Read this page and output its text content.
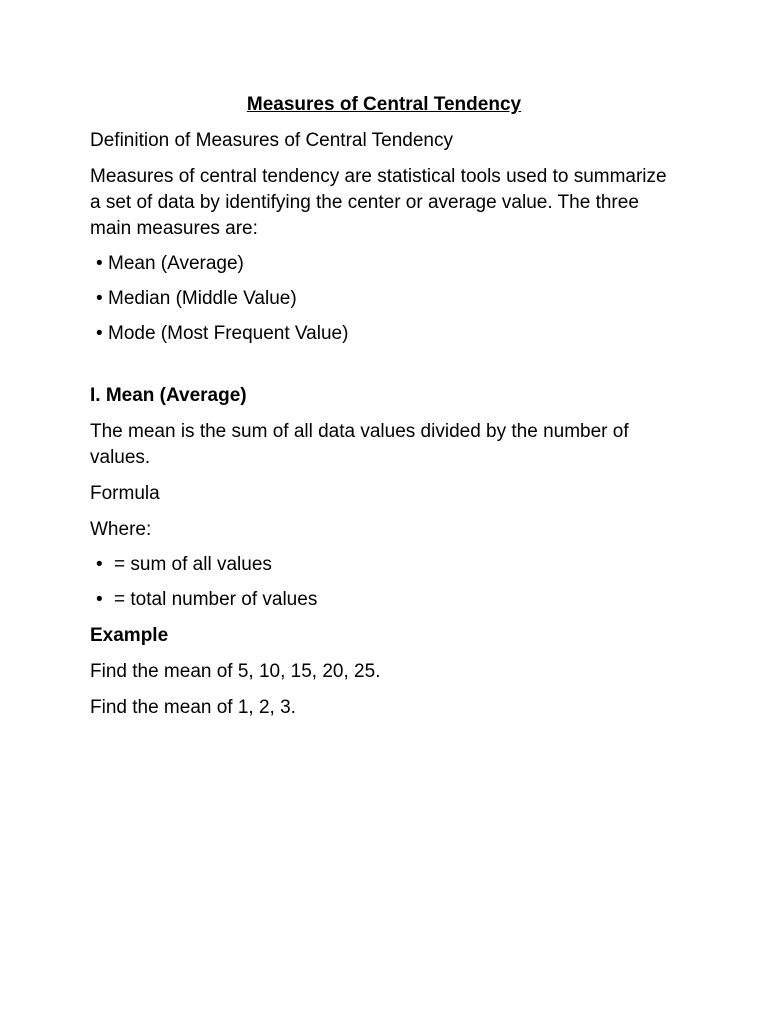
Measures of Central Tendency

Definition of Measures of Central Tendency

Measures of central tendency are statistical tools used to summarize a set of data by identifying the center or average value. The three main measures are:

• Mean (Average)
• Median (Middle Value)
• Mode (Most Frequent Value)

I. Mean (Average)

The mean is the sum of all data values divided by the number of values.

Formula

Where:

• = sum of all values
• = total number of values

Example

Find the mean of 5, 10, 15, 20, 25.

Find the mean of 1, 2, 3.
